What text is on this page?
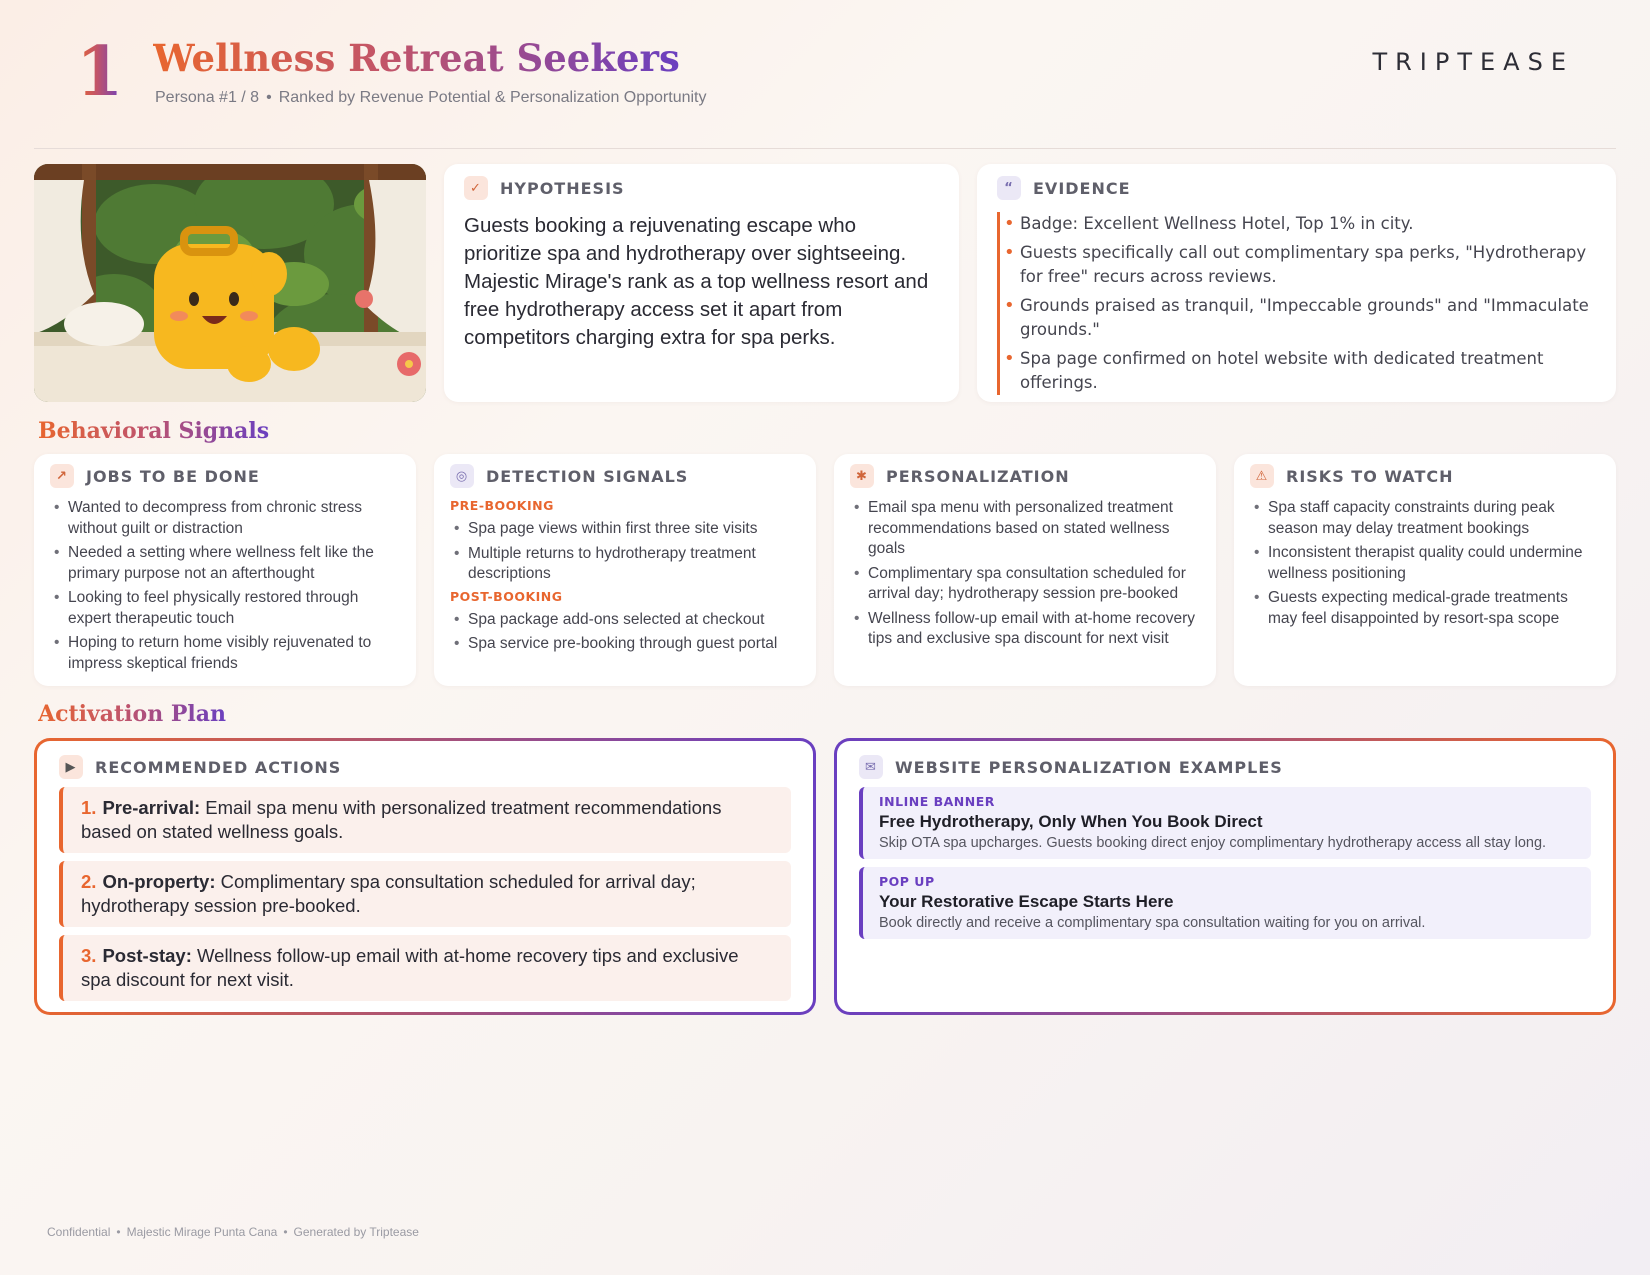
1 Wellness Retreat Seekers
Persona #1 / 8 • Ranked by Revenue Potential & Personalization Opportunity
TRIPTEASE
✓	HYPOTHESIS

Guests booking a rejuvenating escape who prioritize spa and hydrotherapy over sightseeing. Majestic Mirage's rank as a top wellness resort and free hydrotherapy access set it apart from competitors charging extra for spa perks.

“	EVIDENCE
• Badge: Excellent Wellness Hotel, Top 1% in city.
• Guests specifically call out complimentary spa perks, "Hydrotherapy for free" recurs across reviews.
• Grounds praised as tranquil, "Impeccable grounds" and "Immaculate grounds."
• Spa page confirmed on hotel website with dedicated treatment offerings.
Behavioral Signals
↗	JOBS TO BE DONE
• Wanted to decompress from chronic stress without guilt or distraction
• Needed a setting where wellness felt like the primary purpose not an afterthought
• Looking to feel physically restored through expert therapeutic touch
• Hoping to return home visibly rejuvenated to impress skeptical friends
◎	DETECTION SIGNALS
PRE-BOOKING
• Spa page views within first three site visits
• Multiple returns to hydrotherapy treatment descriptions
POST-BOOKING
• Spa package add-ons selected at checkout
• Spa service pre-booking through guest portal
✱	PERSONALIZATION
• Email spa menu with personalized treatment recommendations based on stated wellness goals
• Complimentary spa consultation scheduled for arrival day; hydrotherapy session pre-booked
• Wellness follow-up email with at-home recovery tips and exclusive spa discount for next visit
⚠	RISKS TO WATCH
• Spa staff capacity constraints during peak season may delay treatment bookings
• Inconsistent therapist quality could undermine wellness positioning
• Guests expecting medical-grade treatments may feel disappointed by resort-spa scope
Activation Plan
▶	RECOMMENDED ACTIONS
1. Pre-arrival: Email spa menu with personalized treatment recommendations based on stated wellness goals.
2. On-property: Complimentary spa consultation scheduled for arrival day; hydrotherapy session pre-booked.
3. Post-stay: Wellness follow-up email with at-home recovery tips and exclusive spa discount for next visit.
✉	WEBSITE PERSONALIZATION EXAMPLES
INLINE BANNER
Free Hydrotherapy, Only When You Book Direct
Skip OTA spa upcharges. Guests booking direct enjoy complimentary hydrotherapy access all stay long.
POP UP
Your Restorative Escape Starts Here
Book directly and receive a complimentary spa consultation waiting for you on arrival.
Confidential • Majestic Mirage Punta Cana • Generated by Triptease
